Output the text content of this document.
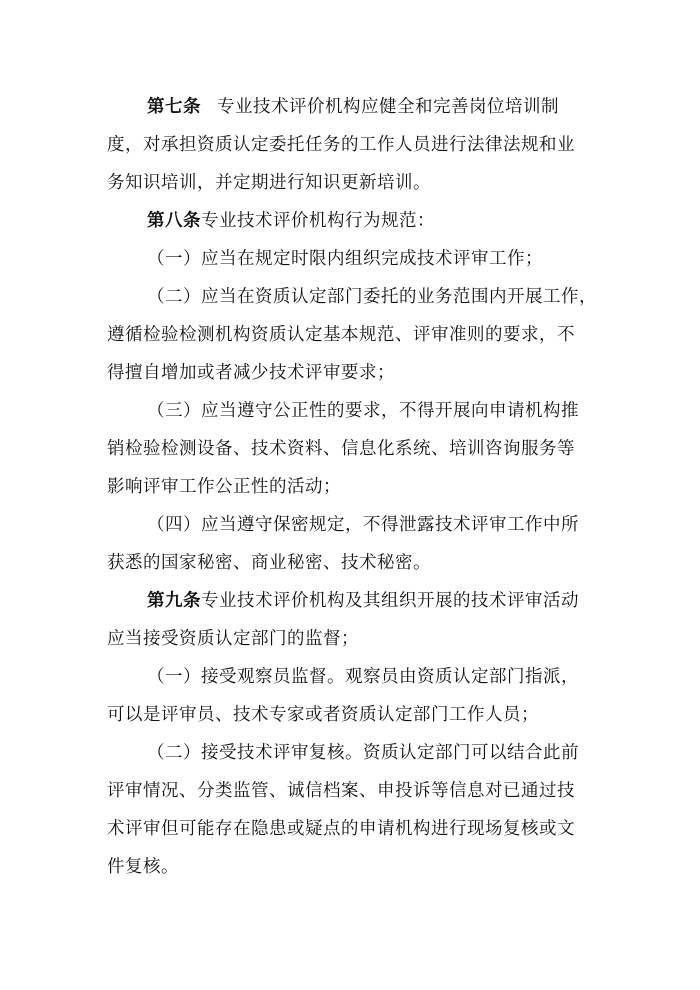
第七条 专业技术评价机构应健全和完善岗位培训制
度，对承担资质认定委托任务的工作人员进行法律法规和业
务知识培训，并定期进行知识更新培训。
第八条专业技术评价机构行为规范：
（一）应当在规定时限内组织完成技术评审工作；
（二）应当在资质认定部门委托的业务范围内开展工作，
遵循检验检测机构资质认定基本规范、评审准则的要求，不
得擅自增加或者减少技术评审要求；
（三）应当遵守公正性的要求，不得开展向申请机构推
销检验检测设备、技术资料、信息化系统、培训咨询服务等
影响评审工作公正性的活动；
（四）应当遵守保密规定，不得泄露技术评审工作中所
获悉的国家秘密、商业秘密、技术秘密。
第九条专业技术评价机构及其组织开展的技术评审活动
应当接受资质认定部门的监督；
（一）接受观察员监督。观察员由资质认定部门指派，
可以是评审员、技术专家或者资质认定部门工作人员；
（二）接受技术评审复核。资质认定部门可以结合此前
评审情况、分类监管、诚信档案、申投诉等信息对已通过技
术评审但可能存在隐患或疑点的申请机构进行现场复核或文
件复核。
